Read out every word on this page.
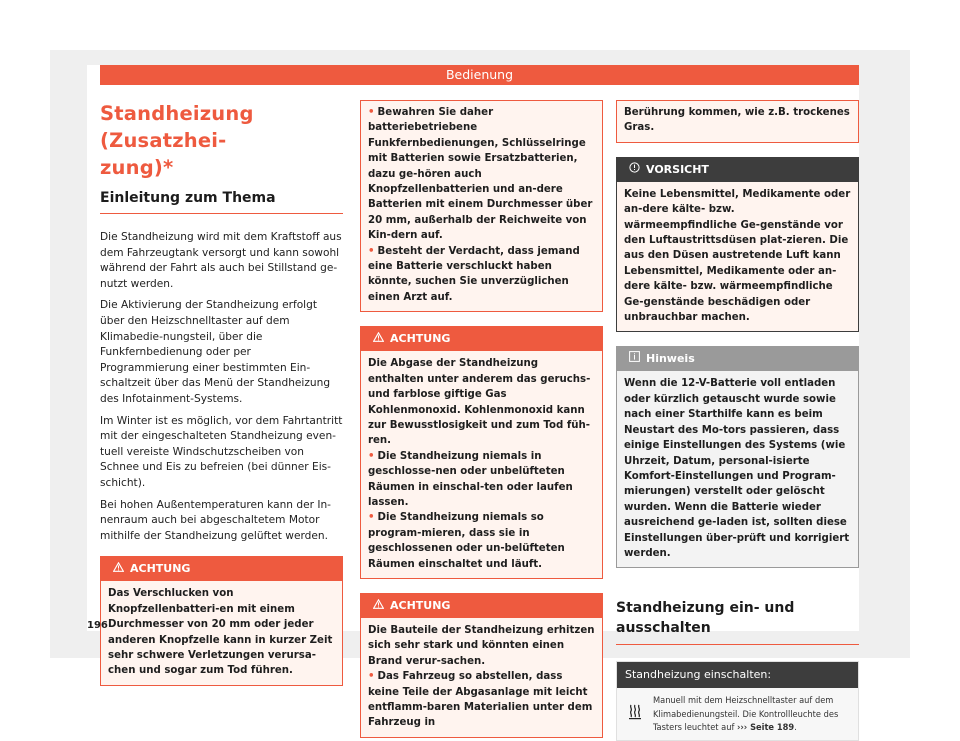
Bedienung
Standheizung (Zusatzhei-
zung)*
Einleitung zum Thema

Die Standheizung wird mit dem Kraftstoff aus dem Fahrzeugtank versorgt und kann sowohl während der Fahrt als auch bei Stillstand ge-nutzt werden.

Die Aktivierung der Standheizung erfolgt über den Heizschnelltaster auf dem Klimabedie-nungsteil, über die Funkfernbedienung oder per Programmierung einer bestimmten Ein-schaltzeit über das Menü der Standheizung des Infotainment-Systems.

Im Winter ist es möglich, vor dem Fahrtantritt mit der eingeschalteten Standheizung even-tuell vereiste Windschutzscheiben von Schnee und Eis zu befreien (bei dünner Eis-schicht).

Bei hohen Außentemperaturen kann der In-nenraum auch bei abgeschaltetem Motor mithilfe der Standheizung gelüftet werden.

ACHTUNG

Das Verschlucken von Knopfzellenbatteri-en mit einem Durchmesser von 20 mm oder jeder anderen Knopfzelle kann in kurzer Zeit sehr schwere Verletzungen verursa-chen und sogar zum Tod führen.

• Bewahren Sie daher batteriebetriebene Funkfernbedienungen, Schlüsselringe mit Batterien sowie Ersatzbatterien, dazu ge-hören auch Knopfzellenbatterien und an-dere Batterien mit einem Durchmesser über 20 mm, außerhalb der Reichweite von Kin-dern auf.

• Besteht der Verdacht, dass jemand eine Batterie verschluckt haben könnte, suchen Sie unverzüglichen einen Arzt auf.

ACHTUNG

Die Abgase der Standheizung enthalten unter anderem das geruchs- und farblose giftige Gas Kohlenmonoxid. Kohlenmonoxid kann zur Bewusstlosigkeit und zum Tod füh-ren.

• Die Standheizung niemals in geschlosse-nen oder unbelüfteten Räumen in einschal-ten oder laufen lassen.

• Die Standheizung niemals so program-mieren, dass sie in geschlossenen oder un-belüfteten Räumen einschaltet und läuft.

ACHTUNG

Die Bauteile der Standheizung erhitzen sich sehr stark und könnten einen Brand verur-sachen.

• Das Fahrzeug so abstellen, dass keine Teile der Abgasanlage mit leicht entflamm-baren Materialien unter dem Fahrzeug in

Berührung kommen, wie z.B. trockenes Gras.

VORSICHT

Keine Lebensmittel, Medikamente oder an-dere kälte- bzw. wärmeempfindliche Ge-genstände vor den Luftaustrittsdüsen plat-zieren. Die aus den Düsen austretende Luft kann Lebensmittel, Medikamente oder an-dere kälte- bzw. wärmeempfindliche Ge-genstände beschädigen oder unbrauchbar machen.

Hinweis

Wenn die 12-V-Batterie voll entladen oder kürzlich getauscht wurde sowie nach einer Starthilfe kann es beim Neustart des Mo-tors passieren, dass einige Einstellungen des Systems (wie Uhrzeit, Datum, personal-isierte Komfort-Einstellungen und Program-mierungen) verstellt oder gelöscht wurden. Wenn die Batterie wieder ausreichend ge-laden ist, sollten diese Einstellungen über-prüft und korrigiert werden.

Standheizung ein- und ausschalten
Standheizung einschalten:
Manuell mit dem Heizschnelltaster auf dem Klimabedienungsteil. Die Kontrollleuchte des Tasters leuchtet auf ››› Seite 189.
196
